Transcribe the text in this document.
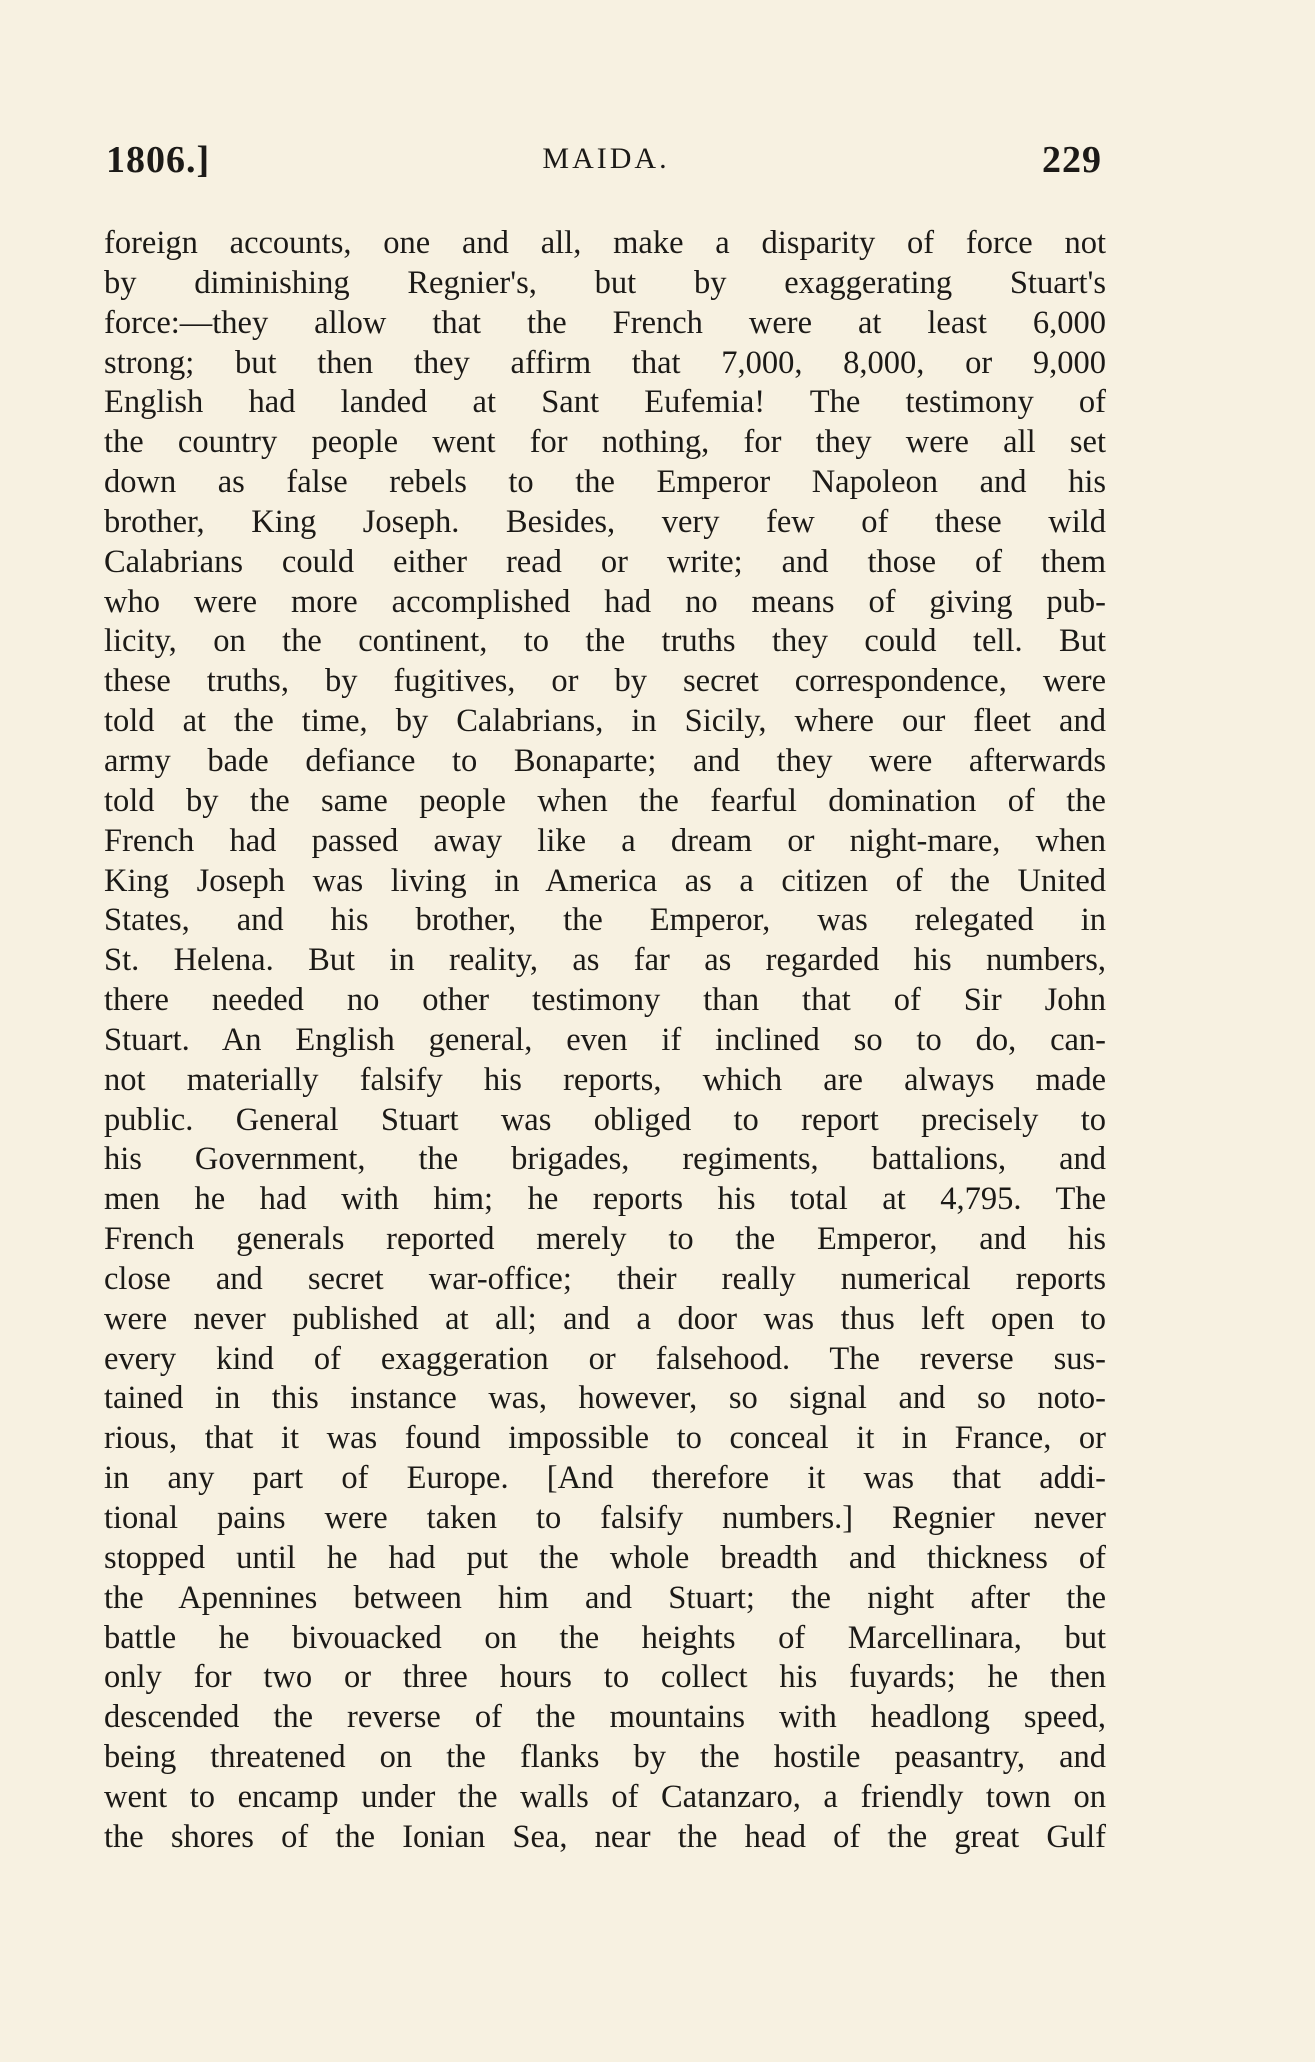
1806.]	MAIDA.	229
foreign accounts, one and all, make a disparity of force not
by diminishing Regnier's, but by exaggerating Stuart's
force:—they allow that the French were at least 6,000
strong; but then they affirm that 7,000, 8,000, or 9,000
English had landed at Sant Eufemia! The testimony of
the country people went for nothing, for they were all set
down as false rebels to the Emperor Napoleon and his
brother, King Joseph. Besides, very few of these wild
Calabrians could either read or write; and those of them
who were more accomplished had no means of giving pub-
licity, on the continent, to the truths they could tell. But
these truths, by fugitives, or by secret correspondence, were
told at the time, by Calabrians, in Sicily, where our fleet and
army bade defiance to Bonaparte; and they were afterwards
told by the same people when the fearful domination of the
French had passed away like a dream or night-mare, when
King Joseph was living in America as a citizen of the United
States, and his brother, the Emperor, was relegated in
St. Helena. But in reality, as far as regarded his numbers,
there needed no other testimony than that of Sir John
Stuart. An English general, even if inclined so to do, can-
not materially falsify his reports, which are always made
public. General Stuart was obliged to report precisely to
his Government, the brigades, regiments, battalions, and
men he had with him; he reports his total at 4,795. The
French generals reported merely to the Emperor, and his
close and secret war-office; their really numerical reports
were never published at all; and a door was thus left open to
every kind of exaggeration or falsehood. The reverse sus-
tained in this instance was, however, so signal and so noto-
rious, that it was found impossible to conceal it in France, or
in any part of Europe. [And therefore it was that addi-
tional pains were taken to falsify numbers.] Regnier never
stopped until he had put the whole breadth and thickness of
the Apennines between him and Stuart; the night after the
battle he bivouacked on the heights of Marcellinara, but
only for two or three hours to collect his fuyards; he then
descended the reverse of the mountains with headlong speed,
being threatened on the flanks by the hostile peasantry, and
went to encamp under the walls of Catanzaro, a friendly town on
the shores of the Ionian Sea, near the head of the great Gulf
